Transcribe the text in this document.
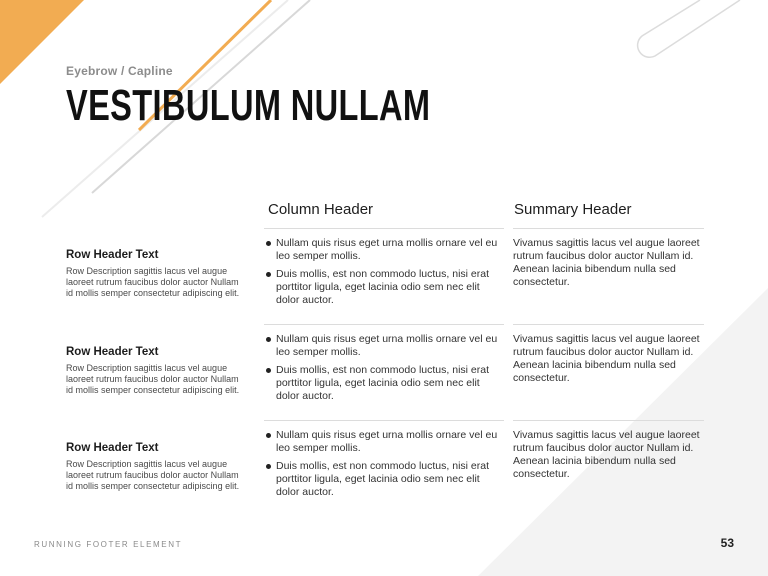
Eyebrow / Capline
VESTIBULUM NULLAM
Column Header	Summary Header
Row Header Text
Row Description sagittis lacus vel augue laoreet rutrum faucibus dolor auctor Nullam id mollis semper consectetur adipiscing elit.
Nullam quis risus eget urna mollis ornare vel eu leo semper mollis.
Duis mollis, est non commodo luctus, nisi erat porttitor ligula, eget lacinia odio sem nec elit dolor auctor.
Vivamus sagittis lacus vel augue laoreet rutrum faucibus dolor auctor Nullam id. Aenean lacinia bibendum nulla sed consectetur.
Row Header Text
Row Description sagittis lacus vel augue laoreet rutrum faucibus dolor auctor Nullam id mollis semper consectetur adipiscing elit.
Nullam quis risus eget urna mollis ornare vel eu leo semper mollis.
Duis mollis, est non commodo luctus, nisi erat porttitor ligula, eget lacinia odio sem nec elit dolor auctor.
Vivamus sagittis lacus vel augue laoreet rutrum faucibus dolor auctor Nullam id. Aenean lacinia bibendum nulla sed consectetur.
Row Header Text
Row Description sagittis lacus vel augue laoreet rutrum faucibus dolor auctor Nullam id mollis semper consectetur adipiscing elit.
Nullam quis risus eget urna mollis ornare vel eu leo semper mollis.
Duis mollis, est non commodo luctus, nisi erat porttitor ligula, eget lacinia odio sem nec elit dolor auctor.
Vivamus sagittis lacus vel augue laoreet rutrum faucibus dolor auctor Nullam id. Aenean lacinia bibendum nulla sed consectetur.
RUNNING FOOTER ELEMENT	53
